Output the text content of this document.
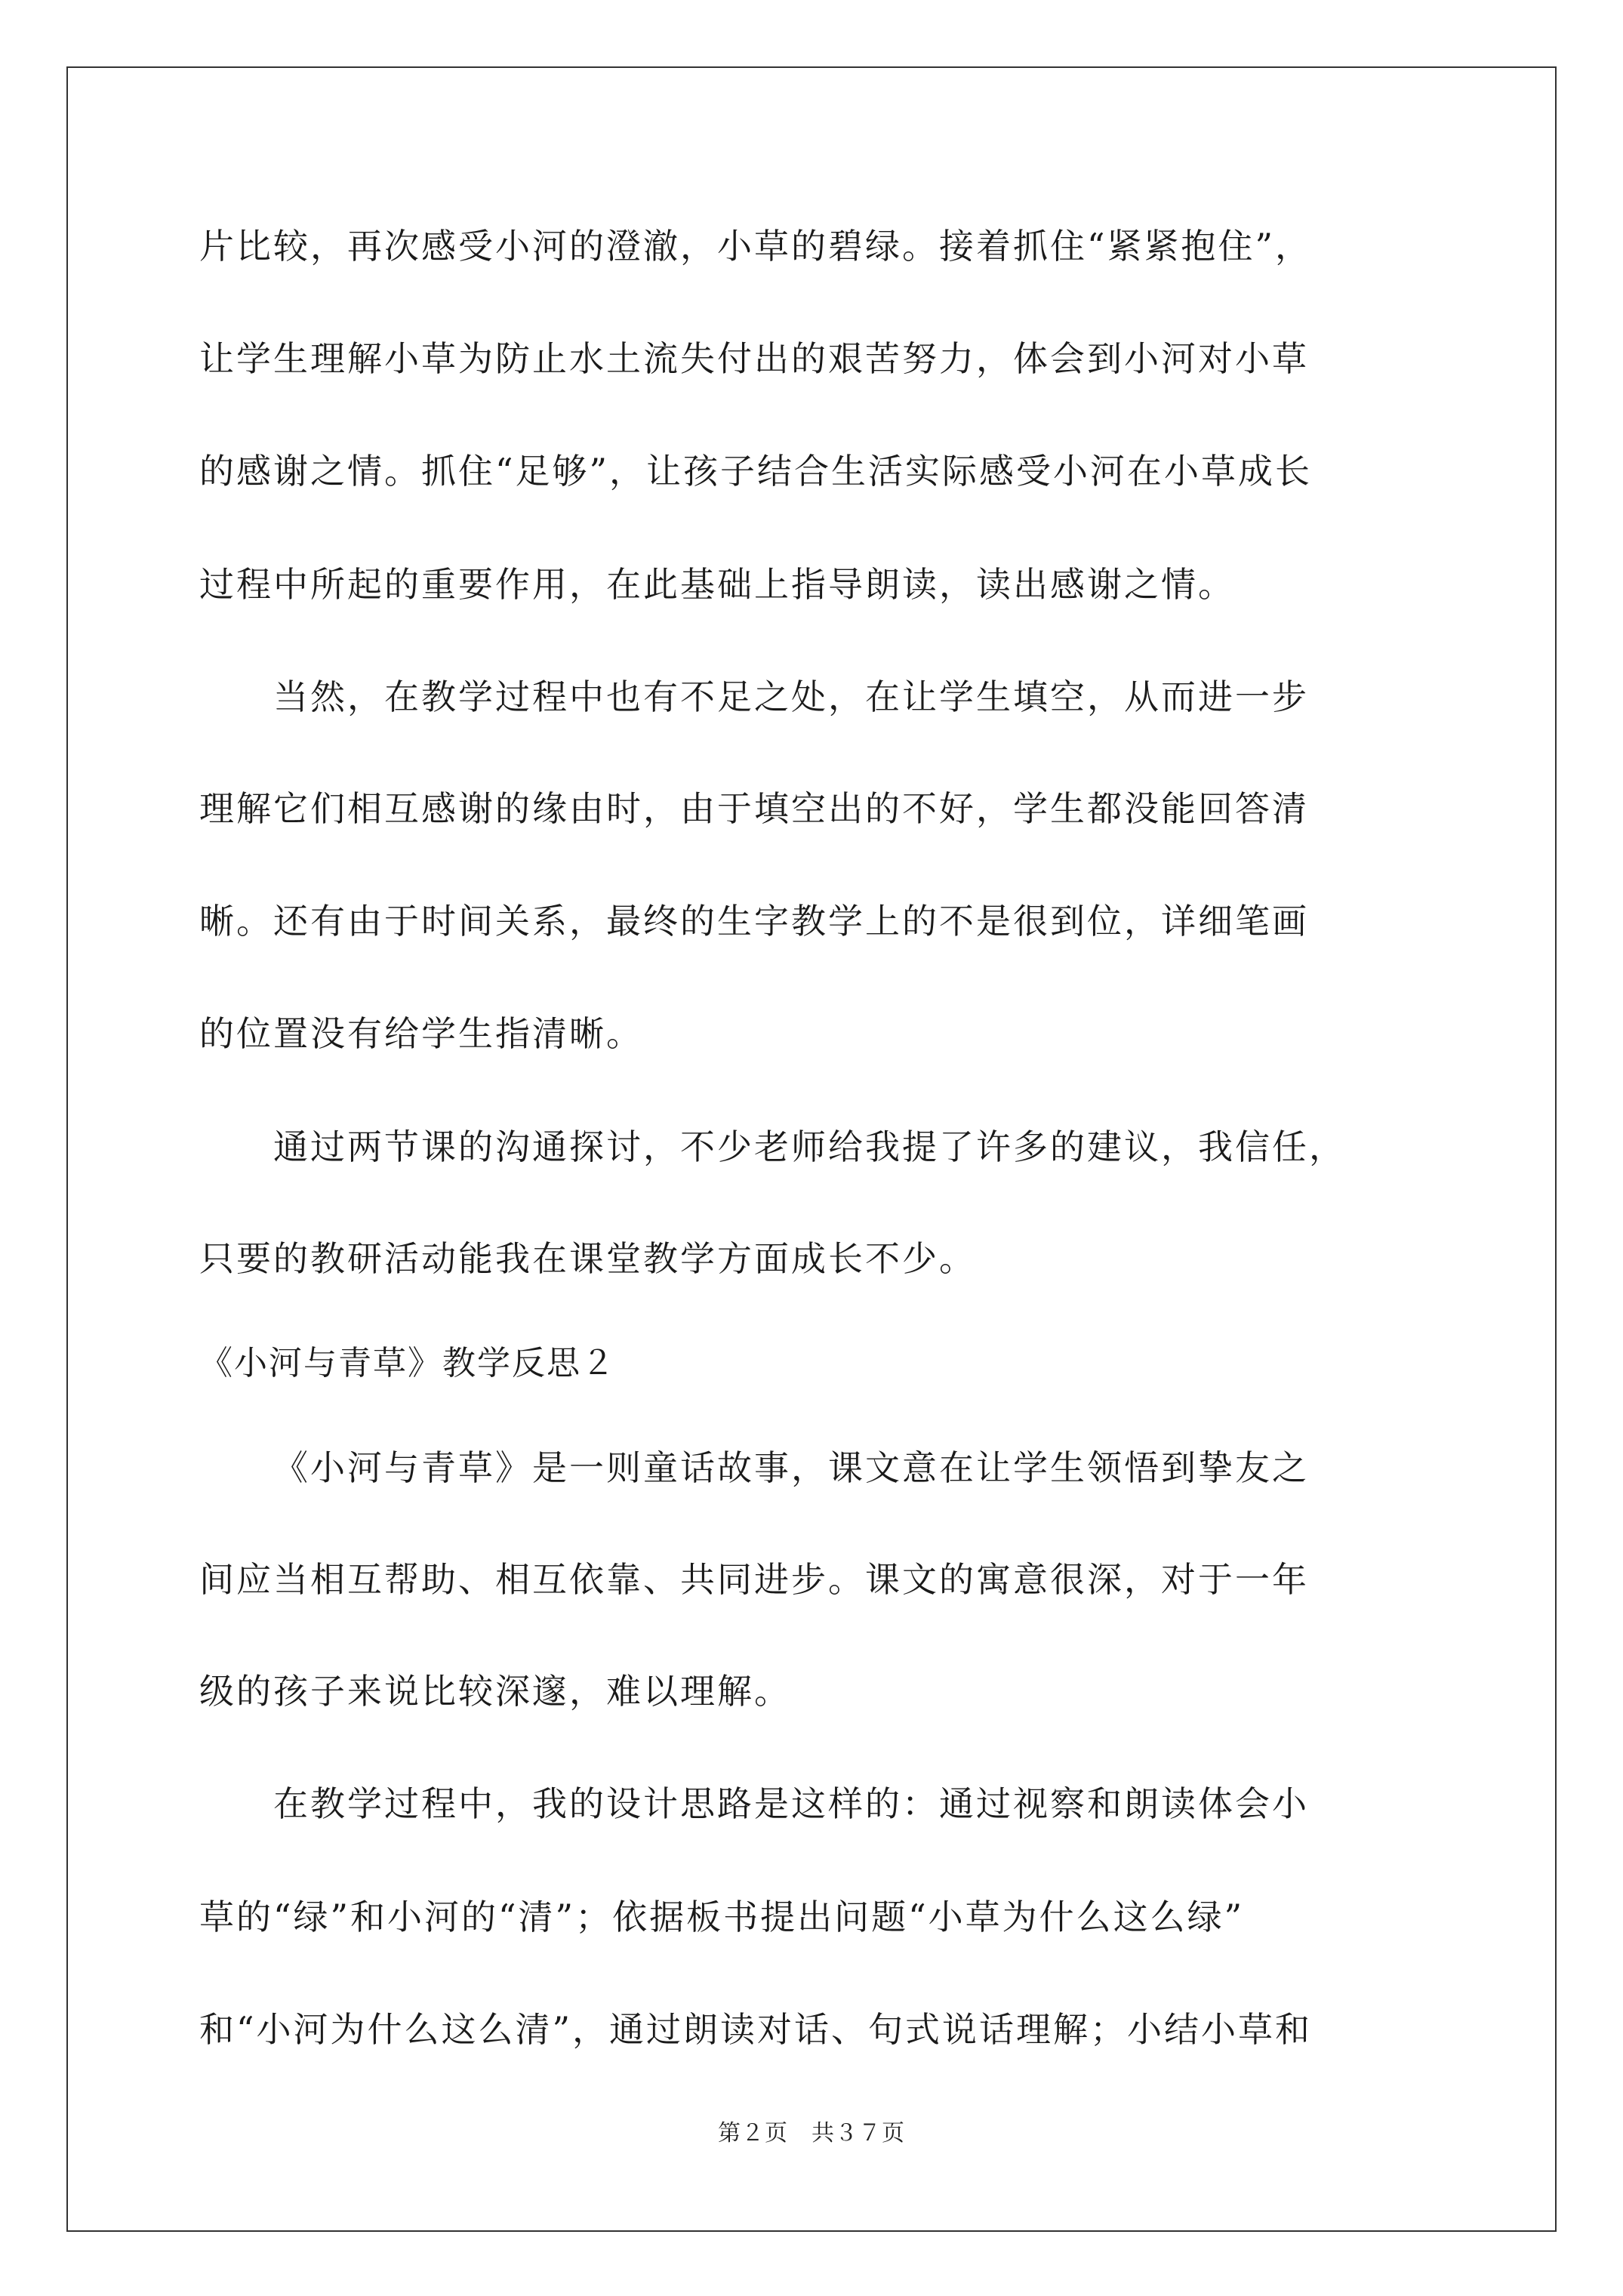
片比较，再次感受小河的澄澈，小草的碧绿。接着抓住“紧紧抱住”，
让学生理解小草为防止水土流失付出的艰苦努力，体会到小河对小草
的感谢之情。抓住“足够”，让孩子结合生活实际感受小河在小草成长
过程中所起的重要作用，在此基础上指导朗读，读出感谢之情。
当然，在教学过程中也有不足之处，在让学生填空，从而进一步
理解它们相互感谢的缘由时，由于填空出的不好，学生都没能回答清
晰。还有由于时间关系，最终的生字教学上的不是很到位，详细笔画
的位置没有给学生指清晰。
通过两节课的沟通探讨，不少老师给我提了许多的建议，我信任，
只要的教研活动能我在课堂教学方面成长不少。
《小河与青草》教学反思２
《小河与青草》是一则童话故事，课文意在让学生领悟到挚友之
间应当相互帮助、相互依靠、共同进步。课文的寓意很深，对于一年
级的孩子来说比较深邃，难以理解。
在教学过程中，我的设计思路是这样的：通过视察和朗读体会小
草的“绿”和小河的“清”；依据板书提出问题“小草为什么这么绿”
和“小河为什么这么清”，通过朗读对话、句式说话理解；小结小草和
第２页　共３７页
